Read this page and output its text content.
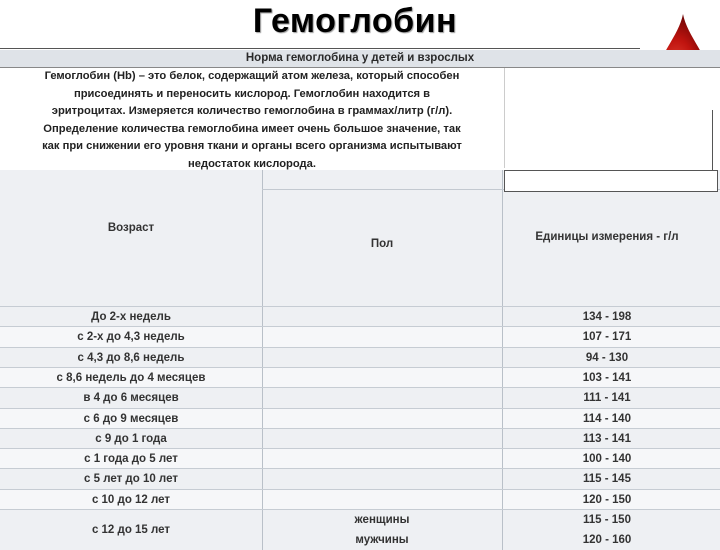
Гемоглобин
Норма гемоглобина у детей и взрослых

Гемоглобин (Hb) – это белок, содержащий атом железа, который способен

присоединять и переносить кислород. Гемоглобин находится в

эритроцитах. Измеряется количество гемоглобина в граммах/литр (г/л).

Определение количества гемоглобина имеет очень большое значение, так

как при снижении его уровня ткани и органы всего организма испытывают

недостаток кислорода.

Возраст
Пол
Единицы измерения - г/л
До 2-х недель	134 - 198
с 2-х до 4,3 недель	107 - 171
с 4,3 до 8,6 недель	94 - 130
с 8,6 недель до 4 месяцев	103 - 141
в 4 до 6 месяцев	111 - 141
с 6 до 9 месяцев	114 - 140
с 9 до 1 года	113 - 141
с 1 года до 5 лет	100 - 140
с 5 лет до 10 лет	115 - 145
с 10 до 12 лет	120 - 150
с 12 до 15 лет
женщины	115 - 150
мужчины	120 - 160
